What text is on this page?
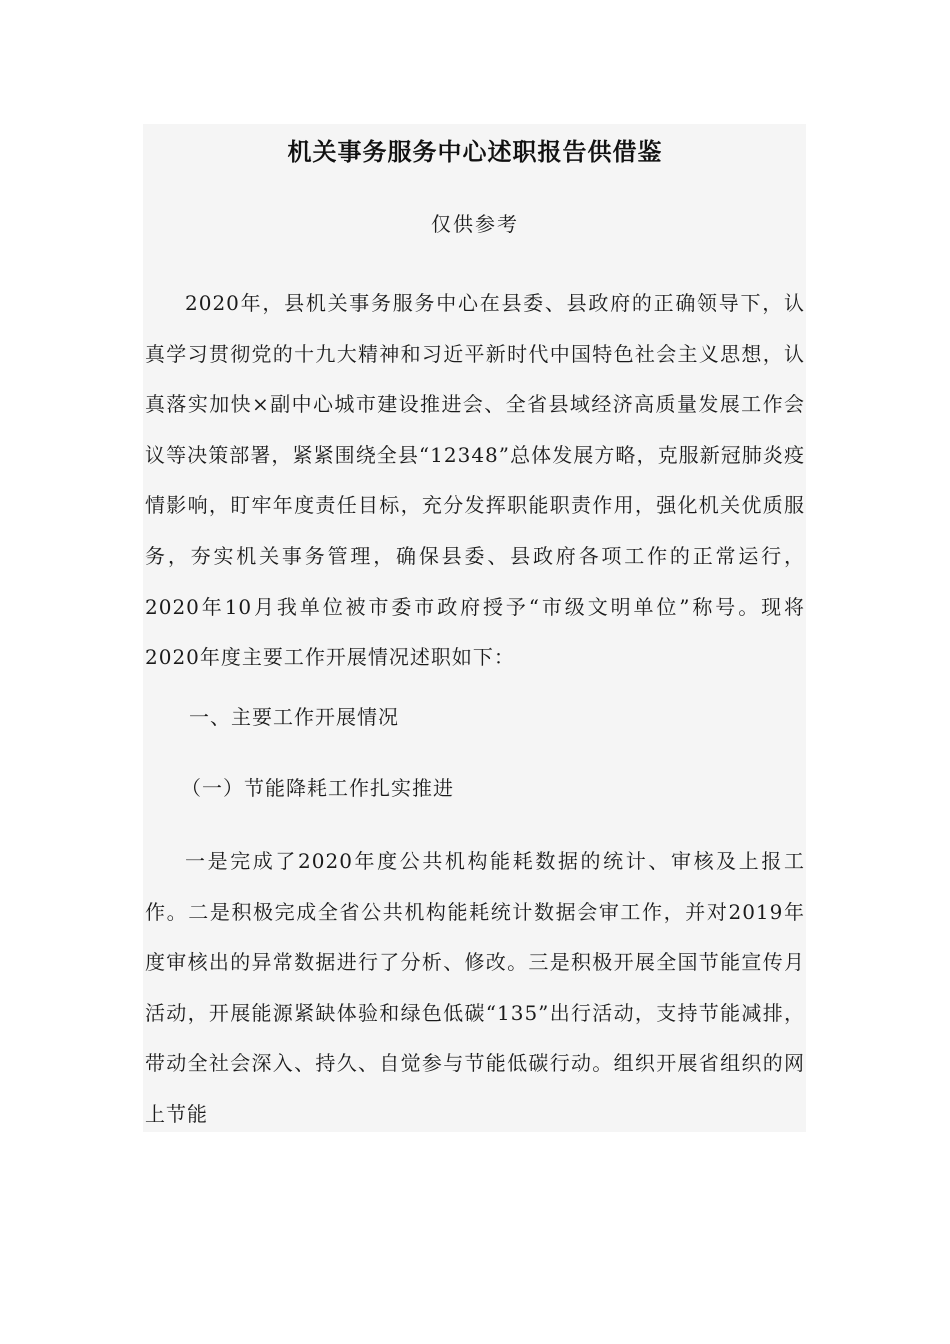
机关事务服务中心述职报告供借鉴
仅供参考

2020年，县机关事务服务中心在县委、县政府的正确领导下，认真学习贯彻党的十九大精神和习近平新时代中国特色社会主义思想，认真落实加快×副中心城市建设推进会、全省县域经济高质量发展工作会议等决策部署，紧紧围绕全县“12348”总体发展方略，克服新冠肺炎疫情影响，盯牢年度责任目标，充分发挥职能职责作用，强化机关优质服务，夯实机关事务管理，确保县委、县政府各项工作的正常运行，2020年10月我单位被市委市政府授予“市级文明单位”称号。现将2020年度主要工作开展情况述职如下：

一、主要工作开展情况
（一）节能降耗工作扎实推进

一是完成了2020年度公共机构能耗数据的统计、审核及上报工作。二是积极完成全省公共机构能耗统计数据会审工作，并对2019年度审核出的异常数据进行了分析、修改。三是积极开展全国节能宣传月活动，开展能源紧缺体验和绿色低碳“135”出行活动，支持节能减排，带动全社会深入、持久、自觉参与节能低碳行动。组织开展省组织的网上节能
